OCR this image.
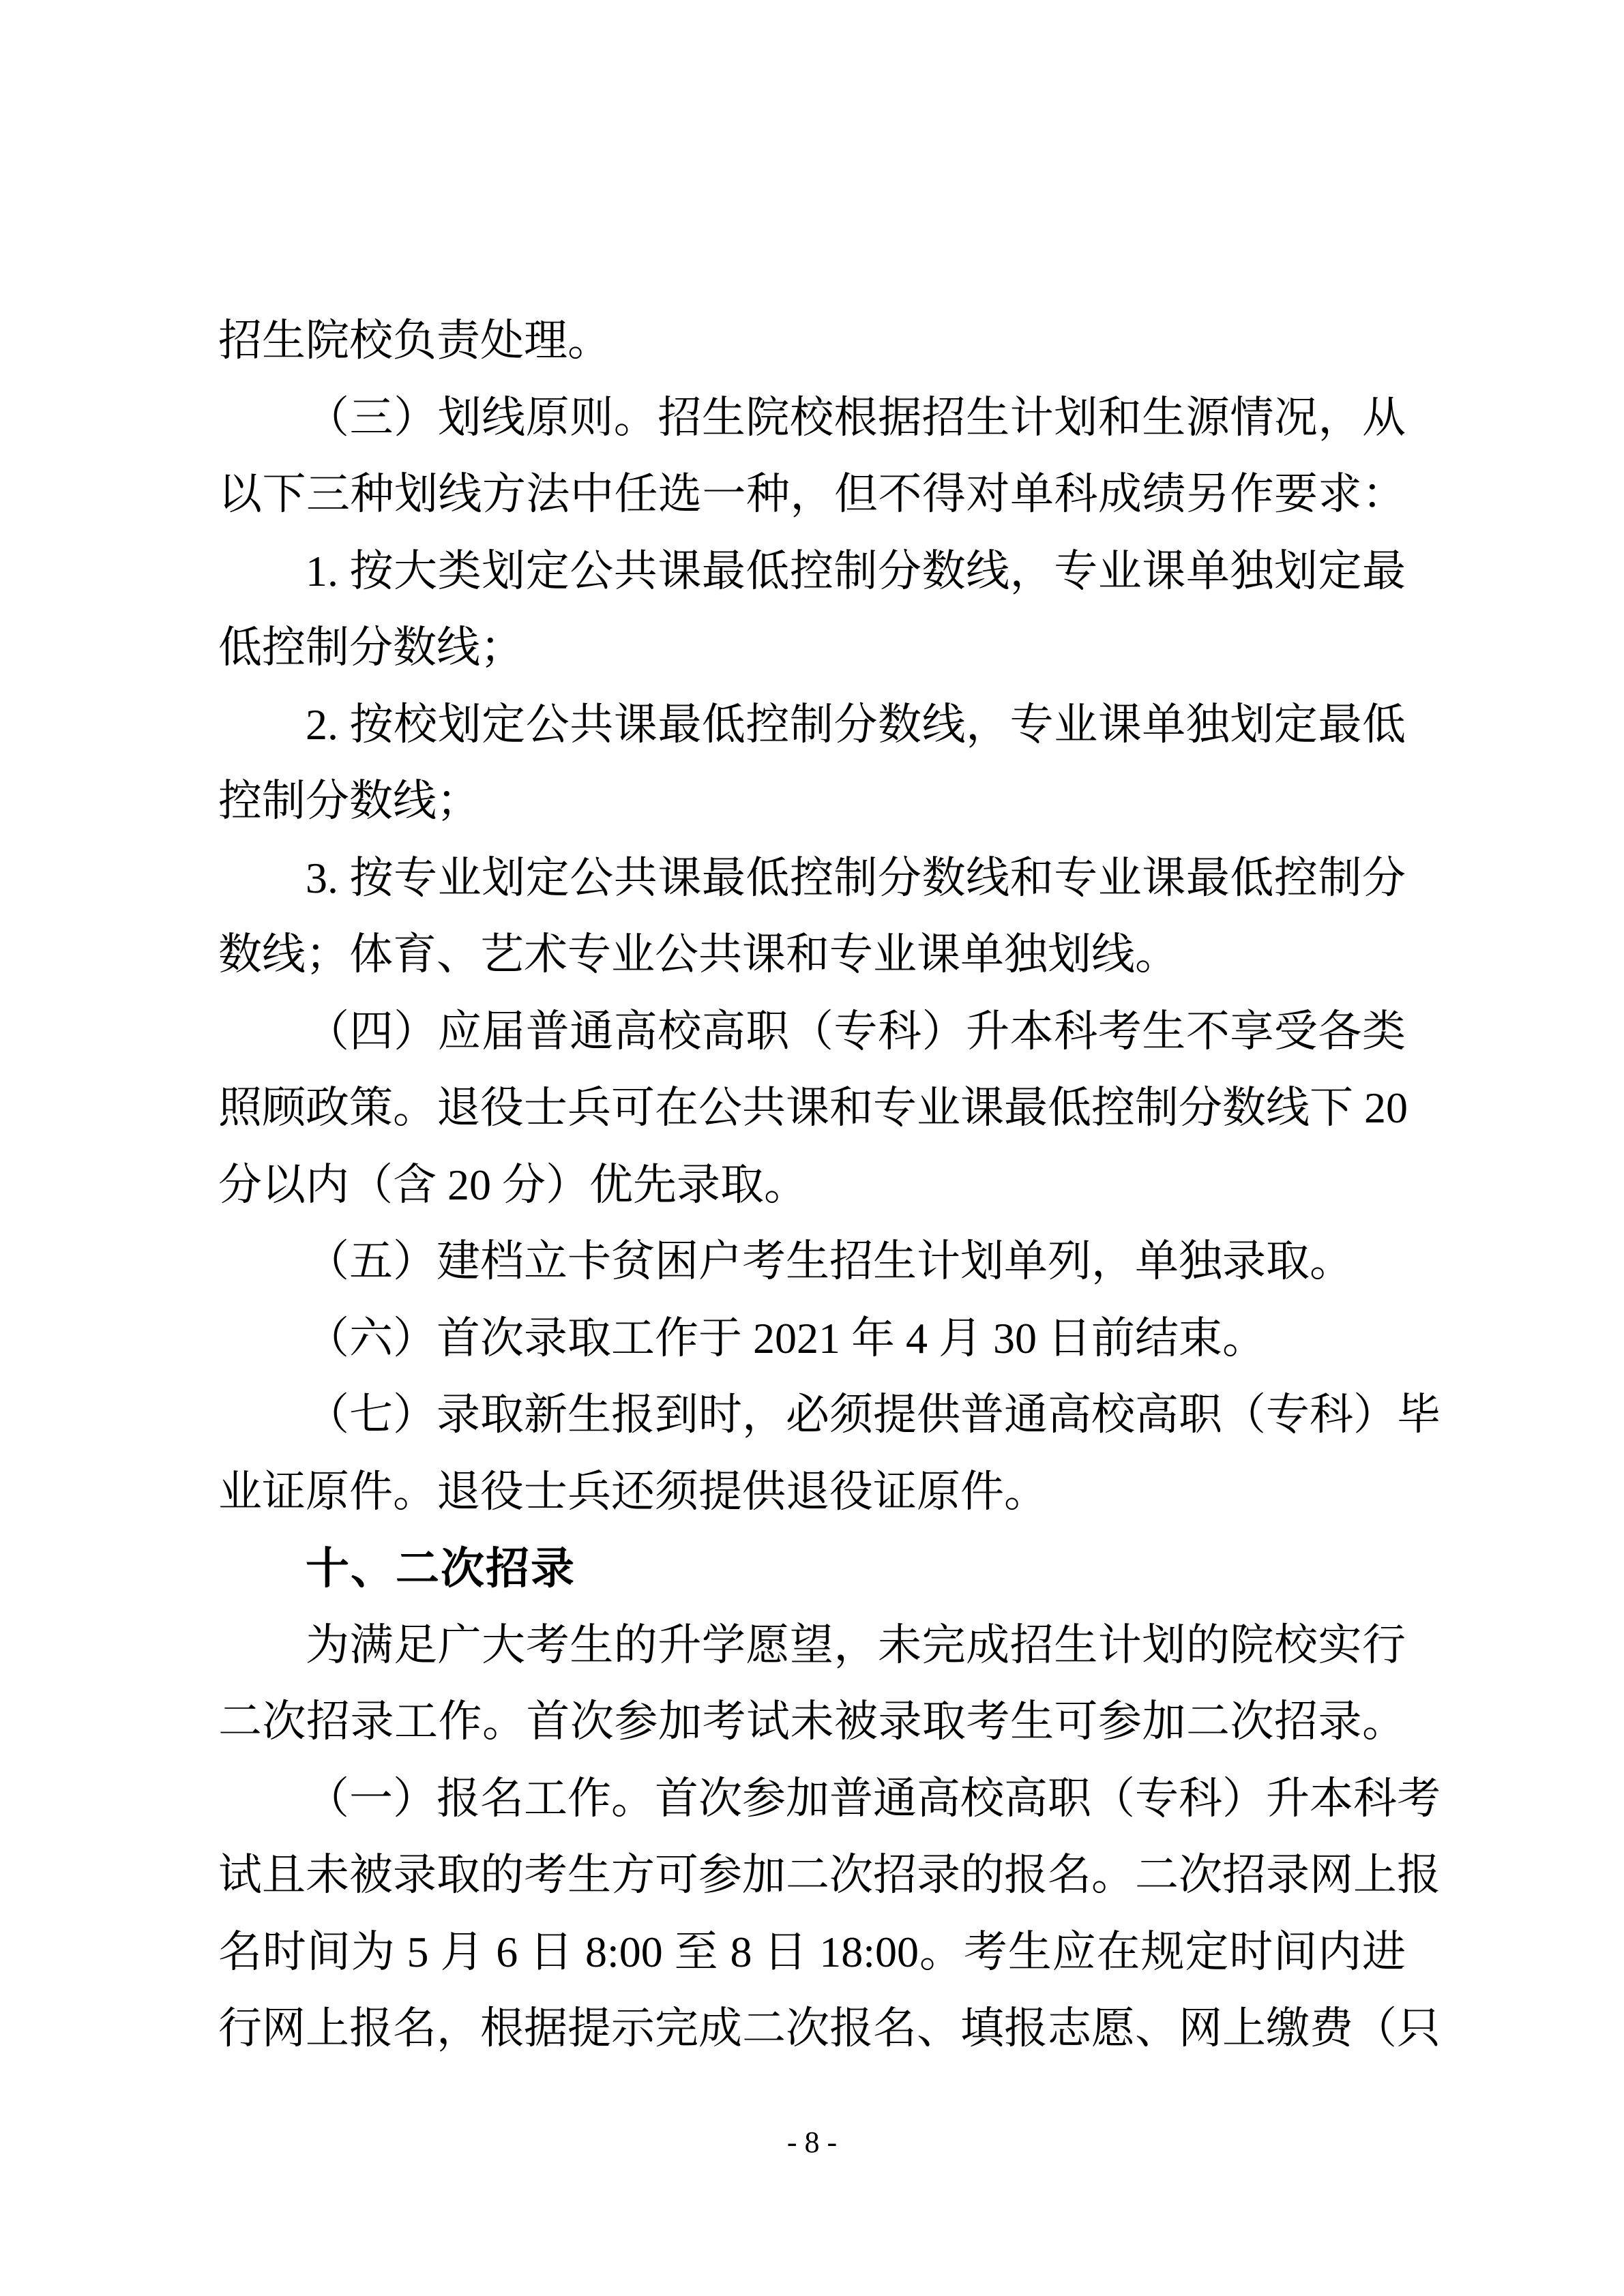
招生院校负责处理。
（三）划线原则。招生院校根据招生计划和生源情况，从
以下三种划线方法中任选一种，但不得对单科成绩另作要求：
1. 按大类划定公共课最低控制分数线，专业课单独划定最
低控制分数线；
2. 按校划定公共课最低控制分数线，专业课单独划定最低
控制分数线；
3. 按专业划定公共课最低控制分数线和专业课最低控制分
数线；体育、艺术专业公共课和专业课单独划线。
（四）应届普通高校高职（专科）升本科考生不享受各类
照顾政策。退役士兵可在公共课和专业课最低控制分数线下 20
分以内（含 20 分）优先录取。
（五）建档立卡贫困户考生招生计划单列，单独录取。
（六）首次录取工作于 2021 年 4 月 30 日前结束。
（七）录取新生报到时，必须提供普通高校高职（专科）毕
业证原件。退役士兵还须提供退役证原件。
十、二次招录
为满足广大考生的升学愿望，未完成招生计划的院校实行
二次招录工作。首次参加考试未被录取考生可参加二次招录。
（一）报名工作。首次参加普通高校高职（专科）升本科考
试且未被录取的考生方可参加二次招录的报名。二次招录网上报
名时间为 5 月 6 日 8:00 至 8 日 18:00。考生应在规定时间内进
行网上报名，根据提示完成二次报名、填报志愿、网上缴费（只
- 8 -
